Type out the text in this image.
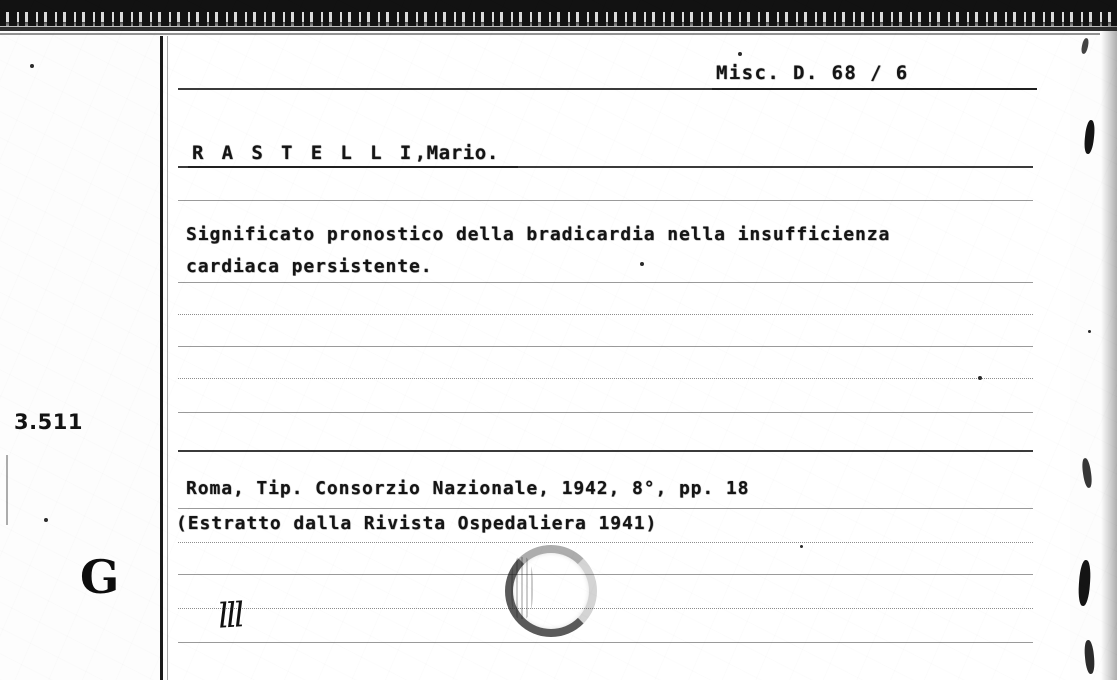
Misc. D. 68 / 6
R A S T E L L I,Mario.
Significato pronostico della bradicardia nella insufficienza
cardiaca persistente.
Roma, Tip. Consorzio Nazionale, 1942, 8°, pp. 18
(Estratto dalla Rivista Ospedaliera 1941)
3.511
G
lll
